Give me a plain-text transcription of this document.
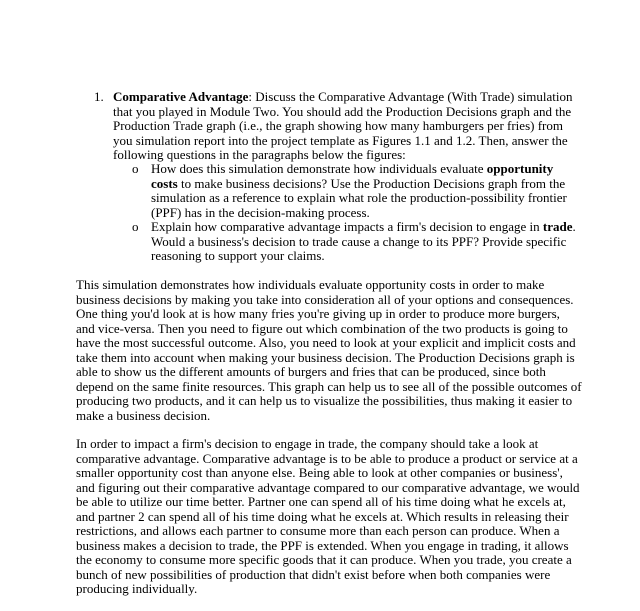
1. Comparative Advantage: Discuss the Comparative Advantage (With Trade) simulation
that you played in Module Two. You should add the Production Decisions graph and the
Production Trade graph (i.e., the graph showing how many hamburgers per fries) from
you simulation report into the project template as Figures 1.1 and 1.2. Then, answer the
following questions in the paragraphs below the figures:
o How does this simulation demonstrate how individuals evaluate opportunity
costs to make business decisions? Use the Production Decisions graph from the
simulation as a reference to explain what role the production-possibility frontier
(PPF) has in the decision-making process.
o Explain how comparative advantage impacts a firm's decision to engage in trade.
Would a business's decision to trade cause a change to its PPF? Provide specific
reasoning to support your claims.
This simulation demonstrates how individuals evaluate opportunity costs in order to make
business decisions by making you take into consideration all of your options and consequences.
One thing you'd look at is how many fries you're giving up in order to produce more burgers,
and vice-versa. Then you need to figure out which combination of the two products is going to
have the most successful outcome. Also, you need to look at your explicit and implicit costs and
take them into account when making your business decision. The Production Decisions graph is
able to show us the different amounts of burgers and fries that can be produced, since both
depend on the same finite resources. This graph can help us to see all of the possible outcomes of
producing two products, and it can help us to visualize the possibilities, thus making it easier to
make a business decision.
In order to impact a firm's decision to engage in trade, the company should take a look at
comparative advantage. Comparative advantage is to be able to produce a product or service at a
smaller opportunity cost than anyone else. Being able to look at other companies or business',
and figuring out their comparative advantage compared to our comparative advantage, we would
be able to utilize our time better. Partner one can spend all of his time doing what he excels at,
and partner 2 can spend all of his time doing what he excels at. Which results in releasing their
restrictions, and allows each partner to consume more than each person can produce. When a
business makes a decision to trade, the PPF is extended. When you engage in trading, it allows
the economy to consume more specific goods that it can produce. When you trade, you create a
bunch of new possibilities of production that didn't exist before when both companies were
producing individually.
